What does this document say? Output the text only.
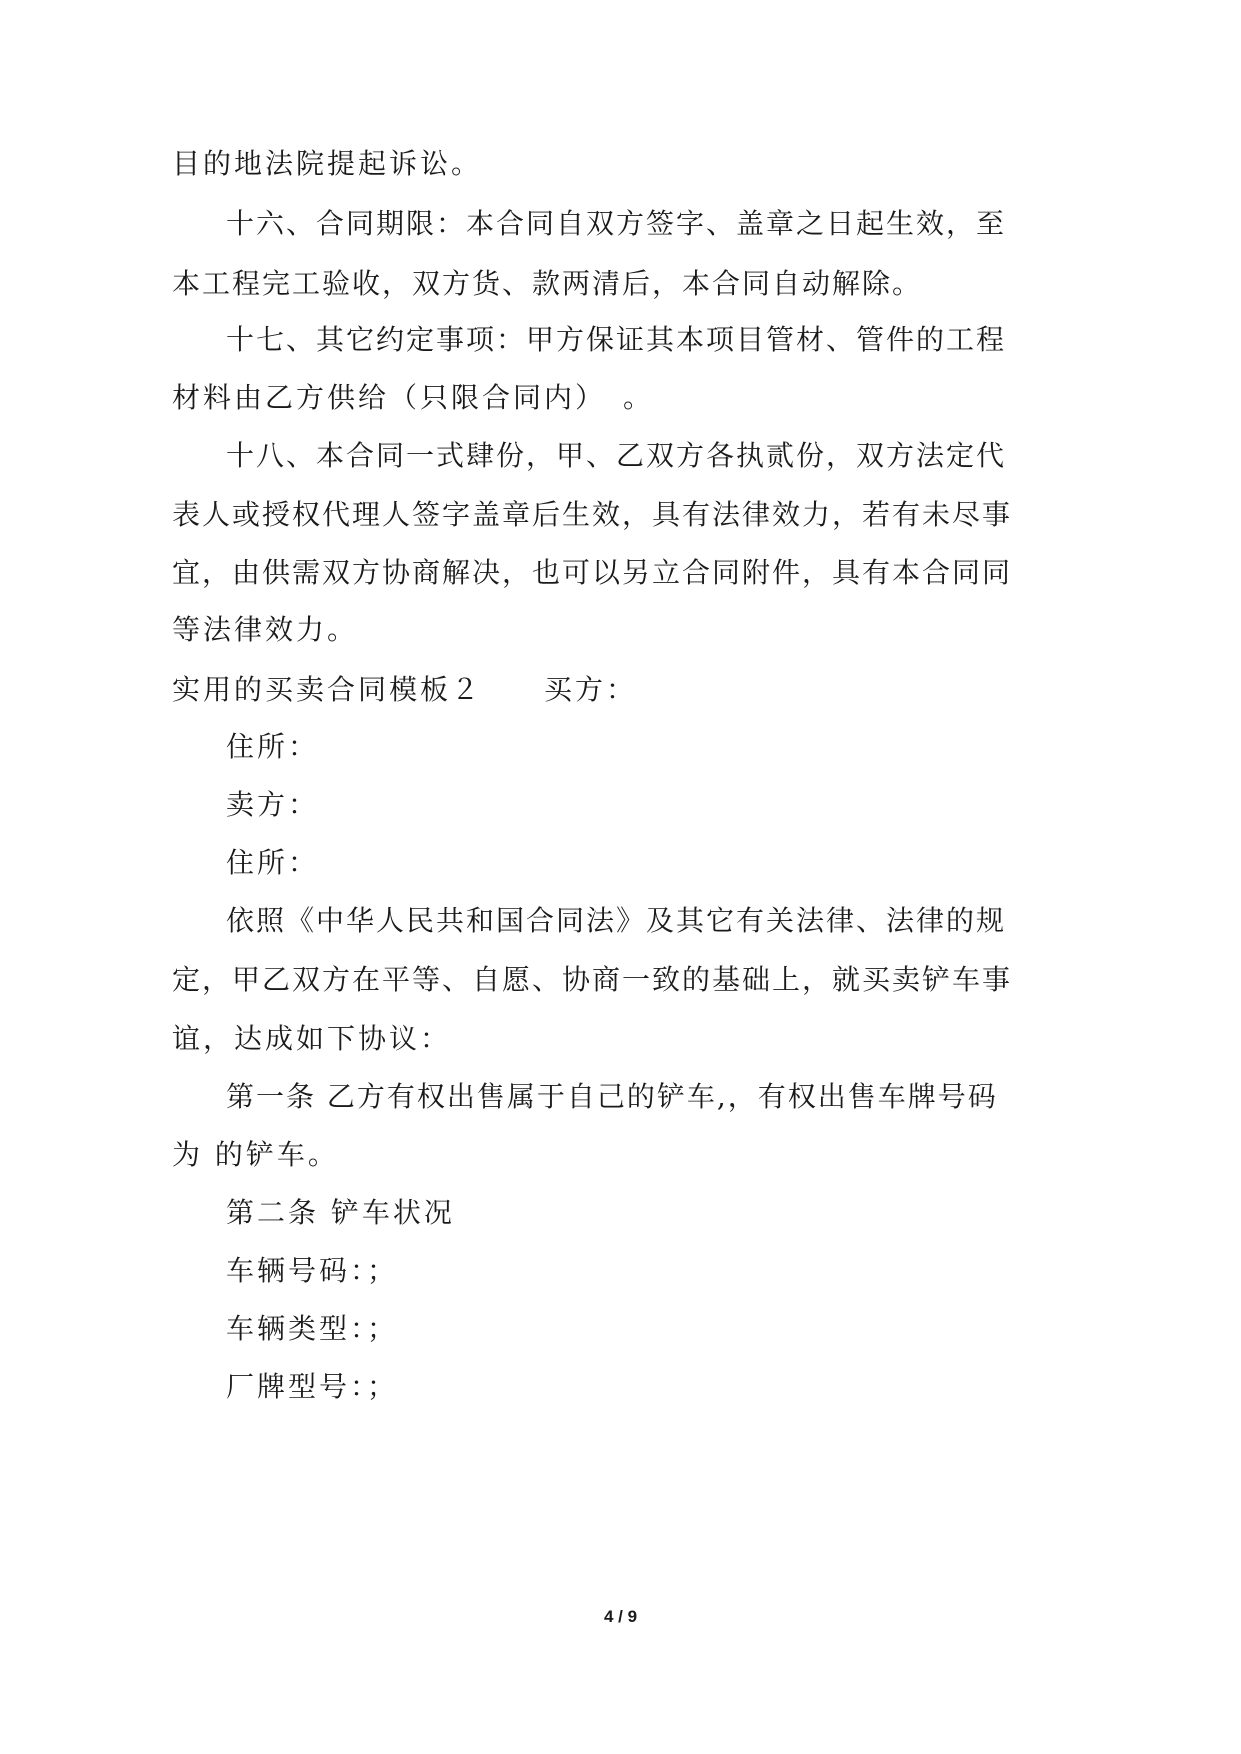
目的地法院提起诉讼。
十六、合同期限：本合同自双方签字、盖章之日起生效，至
本工程完工验收，双方货、款两清后，本合同自动解除。
十七、其它约定事项：甲方保证其本项目管材、管件的工程
材料由乙方供给（只限合同内）　。
十八、本合同一式肆份，甲、乙双方各执贰份，双方法定代
表人或授权代理人签字盖章后生效，具有法律效力，若有未尽事
宜，由供需双方协商解决，也可以另立合同附件，具有本合同同
等法律效力。
实用的买卖合同模板２　　买方：
住所：
卖方：
住所：
依照《中华人民共和国合同法》及其它有关法律、法律的规
定，甲乙双方在平等、自愿、协商一致的基础上，就买卖铲车事
谊，达成如下协议：
第一条 乙方有权出售属于自己的铲车,，有权出售车牌号码
为 的铲车。
第二条 铲车状况
车辆号码：；
车辆类型：；
厂牌型号：；
4 / 9
